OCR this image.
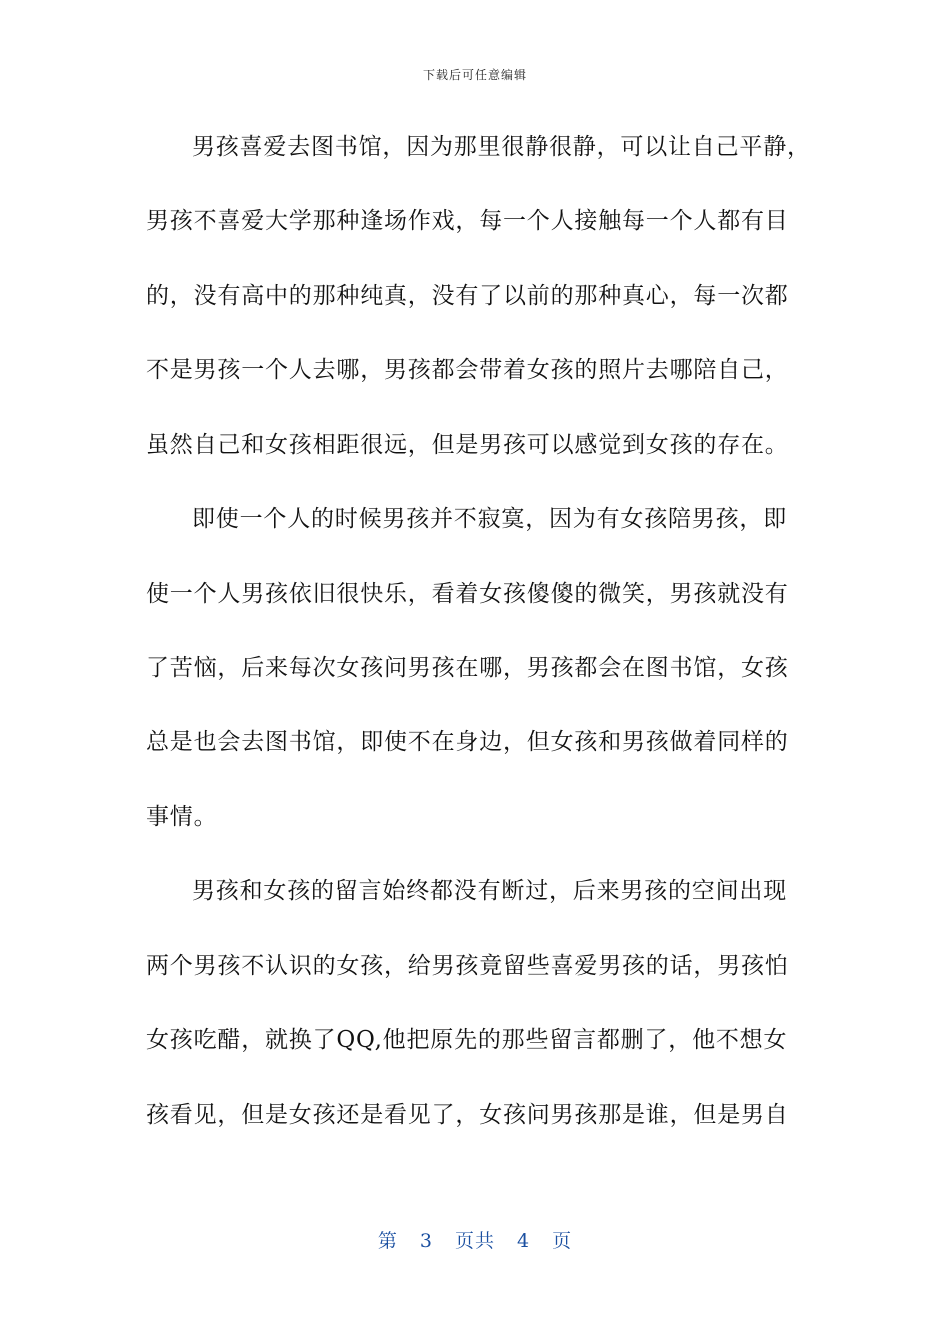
下载后可任意编辑
男孩喜爱去图书馆，因为那里很静很静，可以让自己平静，
男孩不喜爱大学那种逢场作戏，每一个人接触每一个人都有目
的，没有高中的那种纯真，没有了以前的那种真心，每一次都
不是男孩一个人去哪，男孩都会带着女孩的照片去哪陪自己，
虽然自己和女孩相距很远，但是男孩可以感觉到女孩的存在。
即使一个人的时候男孩并不寂寞，因为有女孩陪男孩，即
使一个人男孩依旧很快乐，看着女孩傻傻的微笑，男孩就没有
了苦恼，后来每次女孩问男孩在哪，男孩都会在图书馆，女孩
总是也会去图书馆，即使不在身边，但女孩和男孩做着同样的
事情。
男孩和女孩的留言始终都没有断过，后来男孩的空间出现
两个男孩不认识的女孩，给男孩竟留些喜爱男孩的话，男孩怕
女孩吃醋，就换了QQ,他把原先的那些留言都删了，他不想女
孩看见，但是女孩还是看见了，女孩问男孩那是谁，但是男自
第 3 页共 4 页
